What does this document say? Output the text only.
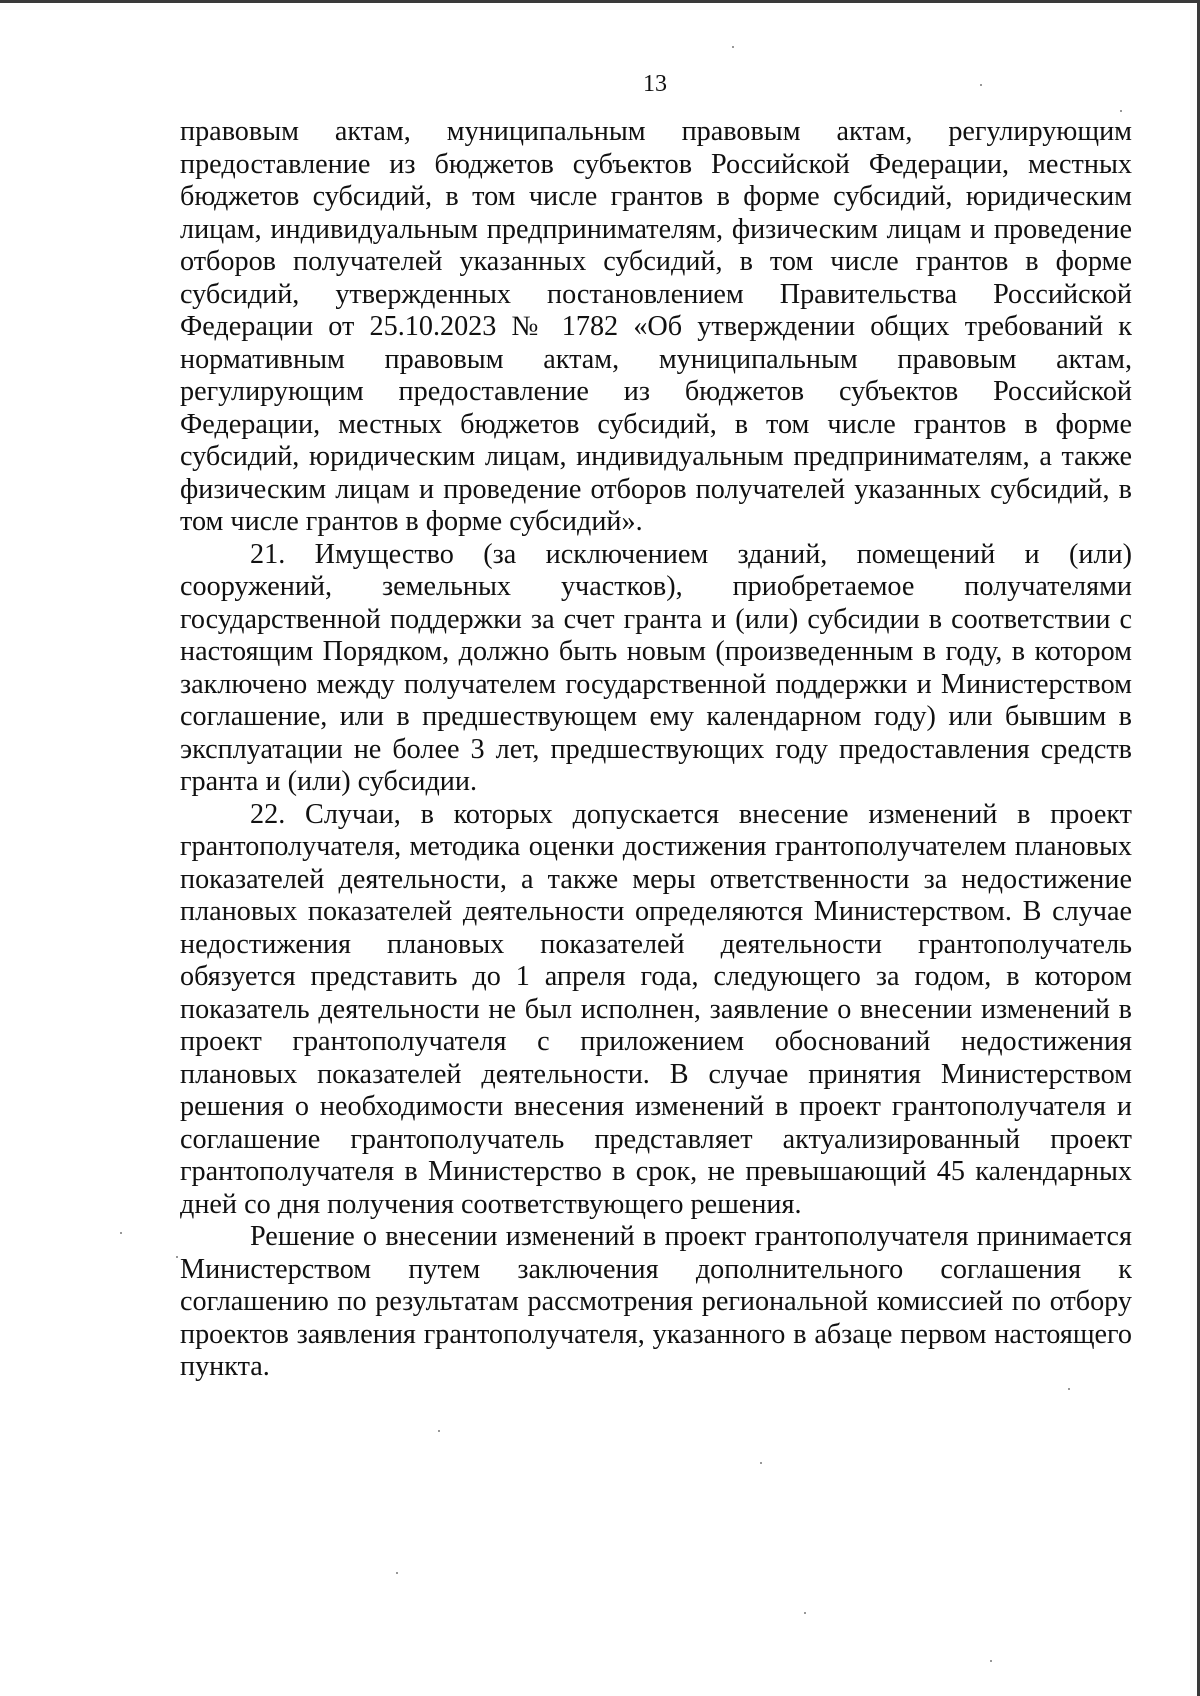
13

правовым актам, муниципальным правовым актам, регулирующим предоставление из бюджетов субъектов Российской Федерации, местных бюджетов субсидий, в том числе грантов в форме субсидий, юридическим лицам, индивидуальным предпринимателям, физическим лицам и проведение отборов получателей указанных субсидий, в том числе грантов в форме субсидий, утвержденных постановлением Правительства Российской Федерации от 25.10.2023 № 1782 «Об утверждении общих требований к нормативным правовым актам, муниципальным правовым актам, регулирующим предоставление из бюджетов субъектов Российской Федерации, местных бюджетов субсидий, в том числе грантов в форме субсидий, юридическим лицам, индивидуальным предпринимателям, а также физическим лицам и проведение отборов получателей указанных субсидий, в том числе грантов в форме субсидий».

21. Имущество (за исключением зданий, помещений и (или) сооружений, земельных участков), приобретаемое получателями государственной поддержки за счет гранта и (или) субсидии в соответствии с настоящим Порядком, должно быть новым (произведенным в году, в котором заключено между получателем государственной поддержки и Министерством соглашение, или в предшествующем ему календарном году) или бывшим в эксплуатации не более 3 лет, предшествующих году предоставления средств гранта и (или) субсидии.

22. Случаи, в которых допускается внесение изменений в проект грантополучателя, методика оценки достижения грантополучателем плановых показателей деятельности, а также меры ответственности за недостижение плановых показателей деятельности определяются Министерством. В случае недостижения плановых показателей деятельности грантополучатель обязуется представить до 1 апреля года, следующего за годом, в котором показатель деятельности не был исполнен, заявление о внесении изменений в проект грантополучателя с приложением обоснований недостижения плановых показателей деятельности. В случае принятия Министерством решения о необходимости внесения изменений в проект грантополучателя и соглашение грантополучатель представляет актуализированный проект грантополучателя в Министерство в срок, не превышающий 45 календарных дней со дня получения соответствующего решения.

Решение о внесении изменений в проект грантополучателя принимается Министерством путем заключения дополнительного соглашения к соглашению по результатам рассмотрения региональной комиссией по отбору проектов заявления грантополучателя, указанного в абзаце первом настоящего пункта.
